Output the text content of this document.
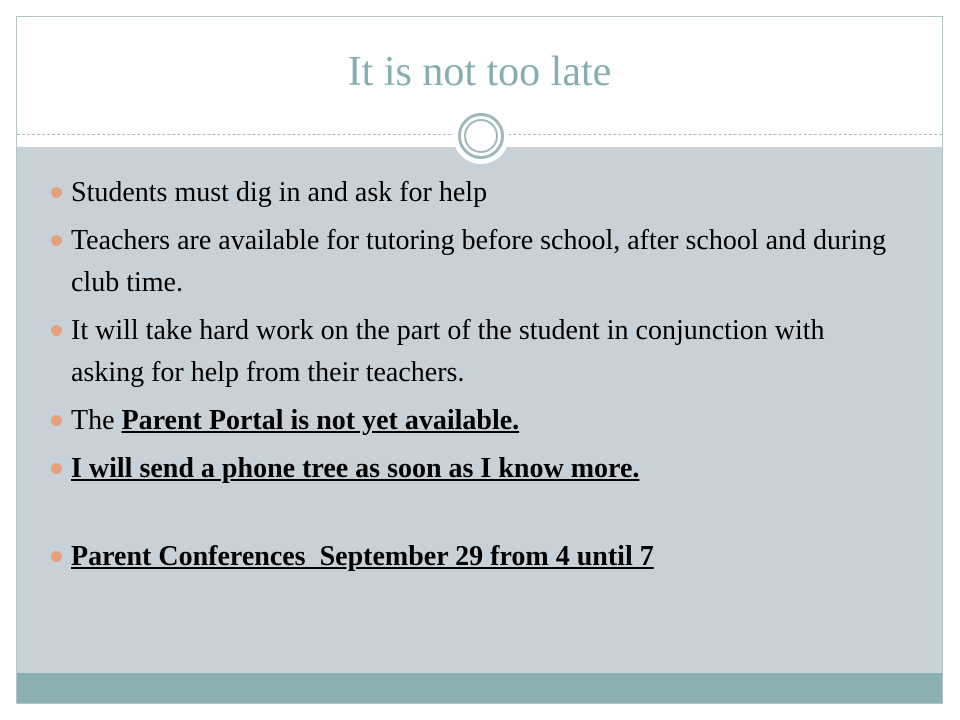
It is not too late
Students must dig in and ask for help
Teachers are available for tutoring before school, after school and during club time.
It will take hard work on the part of the student in conjunction with asking for help from their teachers.
The Parent Portal is not yet available.
I will send a phone tree as soon as I know more.
Parent Conferences  September 29 from 4 until 7
